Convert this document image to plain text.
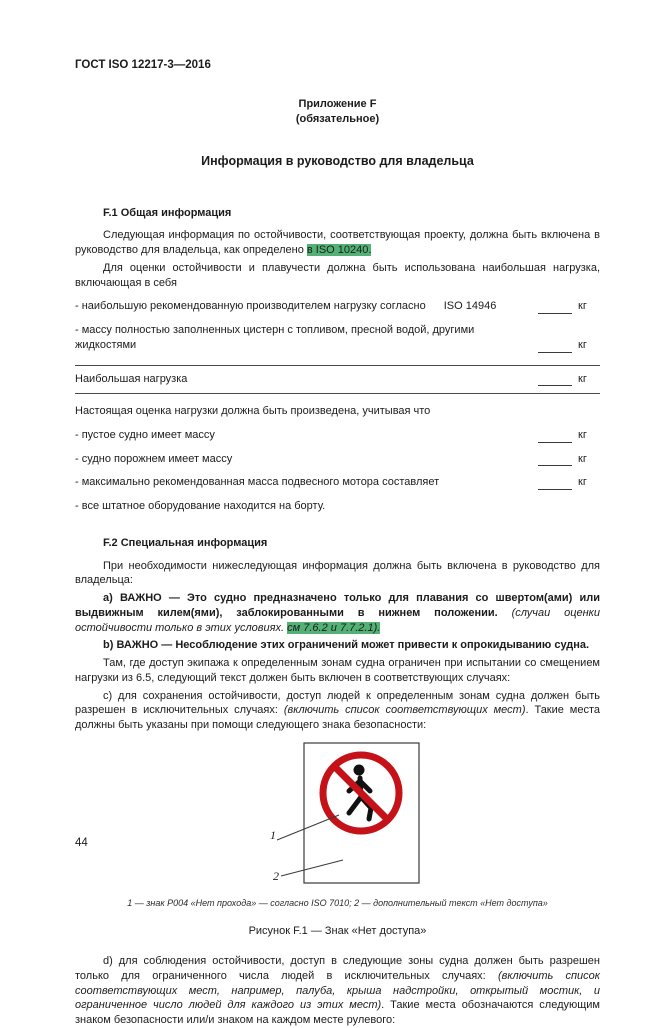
ГОСТ ISO 12217-3—2016
Приложение F
(обязательное)
Информация в руководство для владельца
F.1 Общая информация

Следующая информация по остойчивости, соответствующая проекту, должна быть включена в руководство для владельца, как определено в ISO 10240.

Для оценки остойчивости и плавучести должна быть использована наибольшая нагрузка, включающая в себя

- наибольшую рекомендованную производителем нагрузку согласно ISO 14946	кг
- массу полностью заполненных цистерн с топливом, пресной водой, другими жидкостями	кг
Наибольшая нагрузка	кг

Настоящая оценка нагрузки должна быть произведена, учитывая что

- пустое судно имеет массу	кг
- судно порожнем имеет массу	кг
- максимально рекомендованная масса подвесного мотора составляет	кг
- все штатное оборудование находится на борту.
F.2 Специальная информация

При необходимости нижеследующая информация должна быть включена в руководство для владельца:

a) ВАЖНО — Это судно предназначено только для плавания со швертом(ами) или выдвижным килем(ями), заблокированными в нижнем положении. (случаи оценки остойчивости только в этих условиях. см 7.6.2 и 7.7.2.1).

b) ВАЖНО — Несоблюдение этих ограничений может привести к опрокидыванию судна.

Там, где доступ экипажа к определенным зонам судна ограничен при испытании со смещением нагрузки из 6.5, следующий текст должен быть включен в соответствующих случаях:

c) для сохранения остойчивости, доступ людей к определенным зонам судна должен быть разрешен в исключительных случаях: (включить список соответствующих мест). Такие места должны быть указаны при помощи следующего знака безопасности:

1
2
1 — знак Р004 «Нет прохода» — согласно ISO 7010; 2 — дополнительный текст «Нет доступа»
Рисунок F.1 — Знак «Нет доступа»

d) для соблюдения остойчивости, доступ в следующие зоны судна должен быть разрешен только для ограниченного числа людей в исключительных случаях: (включить список соответствующих мест, например, палуба, крыша надстройки, открытый мостик, и ограниченное число людей для каждого из этих мест). Такие места обозначаются следующим знаком безопасности или/и знаком на каждом месте рулевого:

44
